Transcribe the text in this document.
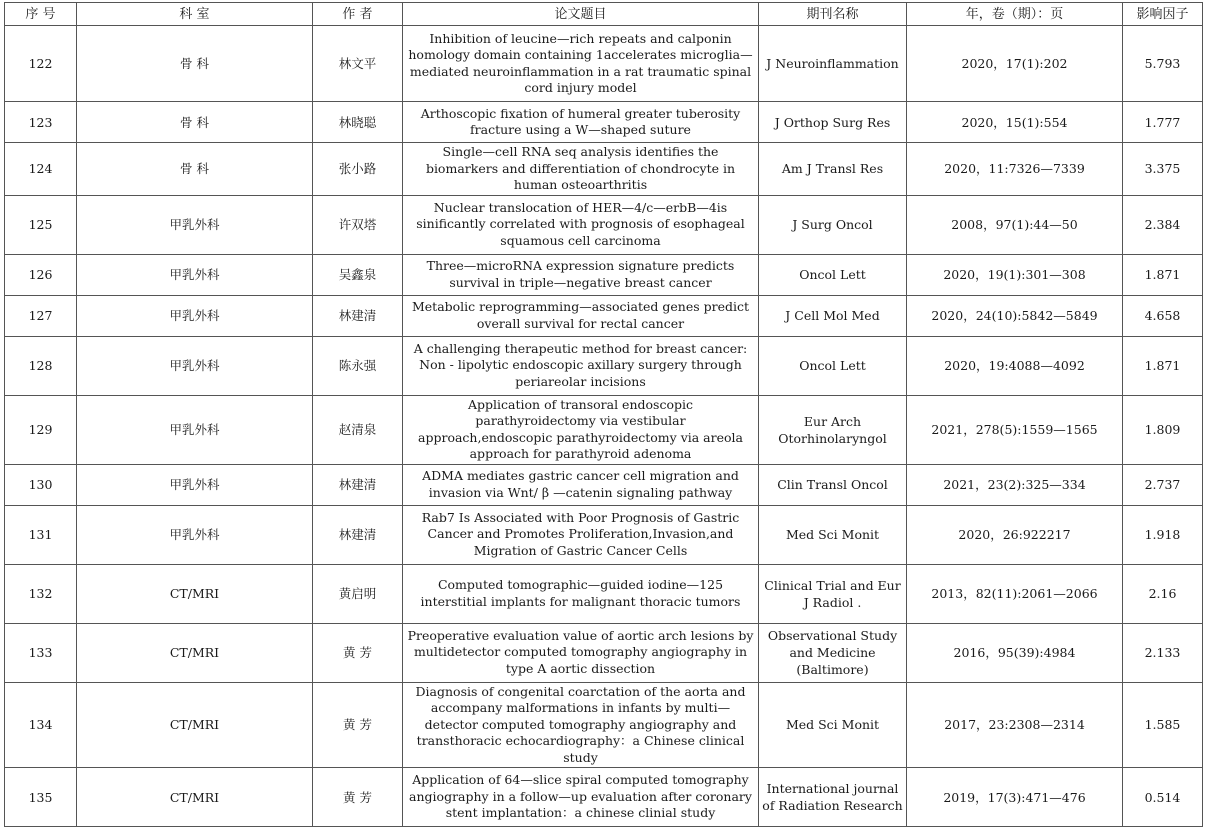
序 号	科 室	作 者	论文题目	期刊名称	年，卷（期）：页	影响因子
122	骨 科	林文平	Inhibition of leucine—rich repeats and calponin homology domain containing 1accelerates microglia—mediated neuroinflammation in a rat traumatic spinal cord injury model	J Neuroinflammation	2020，17(1):202	5.793
123	骨 科	林晓聪	Arthoscopic fixation of humeral greater tuberosity fracture using a W—shaped suture	J Orthop Surg Res	2020，15(1):554	1.777
124	骨 科	张小路	Single—cell RNA seq analysis identifies the biomarkers and differentiation of chondrocyte in human osteoarthritis	Am J Transl Res	2020，11:7326—7339	3.375
125	甲乳外科	许双塔	Nuclear translocation of HER—4/c—erbB—4is sinificantly correlated with prognosis of esophageal squamous cell carcinoma	J Surg Oncol	2008，97(1):44—50	2.384
126	甲乳外科	吴鑫泉	Three—microRNA expression signature predicts survival in triple—negative breast cancer	Oncol Lett	2020，19(1):301—308	1.871
127	甲乳外科	林建清	Metabolic reprogramming—associated genes predict overall survival for rectal cancer	J Cell Mol Med	2020，24(10):5842—5849	4.658
128	甲乳外科	陈永强	A challenging therapeutic method for breast cancer: Non - lipolytic endoscopic axillary surgery through periareolar incisions	Oncol Lett	2020，19:4088—4092	1.871
129	甲乳外科	赵清泉	Application of transoral endoscopic parathyroidectomy via vestibular approach,endoscopic parathyroidectomy via areola approach for parathyroid adenoma	Eur Arch Otorhinolaryngol	2021，278(5):1559—1565	1.809
130	甲乳外科	林建清	ADMA mediates gastric cancer cell migration and invasion via Wnt/ β —catenin signaling pathway	Clin Transl Oncol	2021，23(2):325—334	2.737
131	甲乳外科	林建清	Rab7 Is Associated with Poor Prognosis of Gastric Cancer and Promotes Proliferation,Invasion,and Migration of Gastric Cancer Cells	Med Sci Monit	2020，26:922217	1.918
132	CT/MRI	黄启明	Computed tomographic—guided iodine—125 interstitial implants for malignant thoracic tumors	Clinical Trial and Eur J Radiol .	2013，82(11):2061—2066	2.16
133	CT/MRI	黄 芳	Preoperative evaluation value of aortic arch lesions by multidetector computed tomography angiography in type A aortic dissection	Observational Study and Medicine (Baltimore)	2016，95(39):4984	2.133
134	CT/MRI	黄 芳	Diagnosis of congenital coarctation of the aorta and accompany malformations in infants by multi—detector computed tomography angiography and transthoracic echocardiography：a Chinese clinical study	Med Sci Monit	2017，23:2308—2314	1.585
135	CT/MRI	黄 芳	Application of 64—slice spiral computed tomography angiography in a follow—up evaluation after coronary stent implantation：a chinese clinial study	International journal of Radiation Research	2019，17(3):471—476	0.514
